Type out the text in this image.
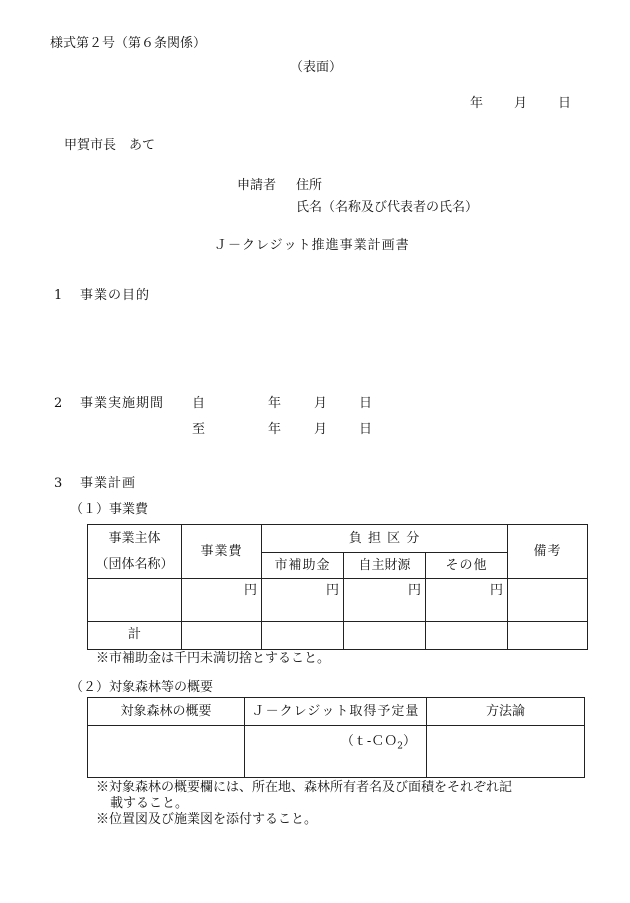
様式第２号（第６条関係）
（表面）
年 月 日
甲賀市長　あて
申請者 住所
氏名（名称及び代表者の氏名）
Ｊ－クレジット推進事業計画書
1 事業の目的
2 事業実施期間 自	年	月 日
至	年	月 日
3 事業計画
（１）事業費
事業主体
（団体名称）	事業費	負 担 区 分			備考
		市補助金	自主財源	その他	
	円	円	円	円	
計					
※市補助金は千円未満切捨とすること。
（２）対象森林等の概要
対象森林の概要	Ｊ－クレジット取得予定量	方法論
	（ｔ-ＣＯ$_2$）	
※対象森林の概要欄には、所在地、森林所有者名及び面積をそれぞれ記
載すること。
※位置図及び施業図を添付すること。
